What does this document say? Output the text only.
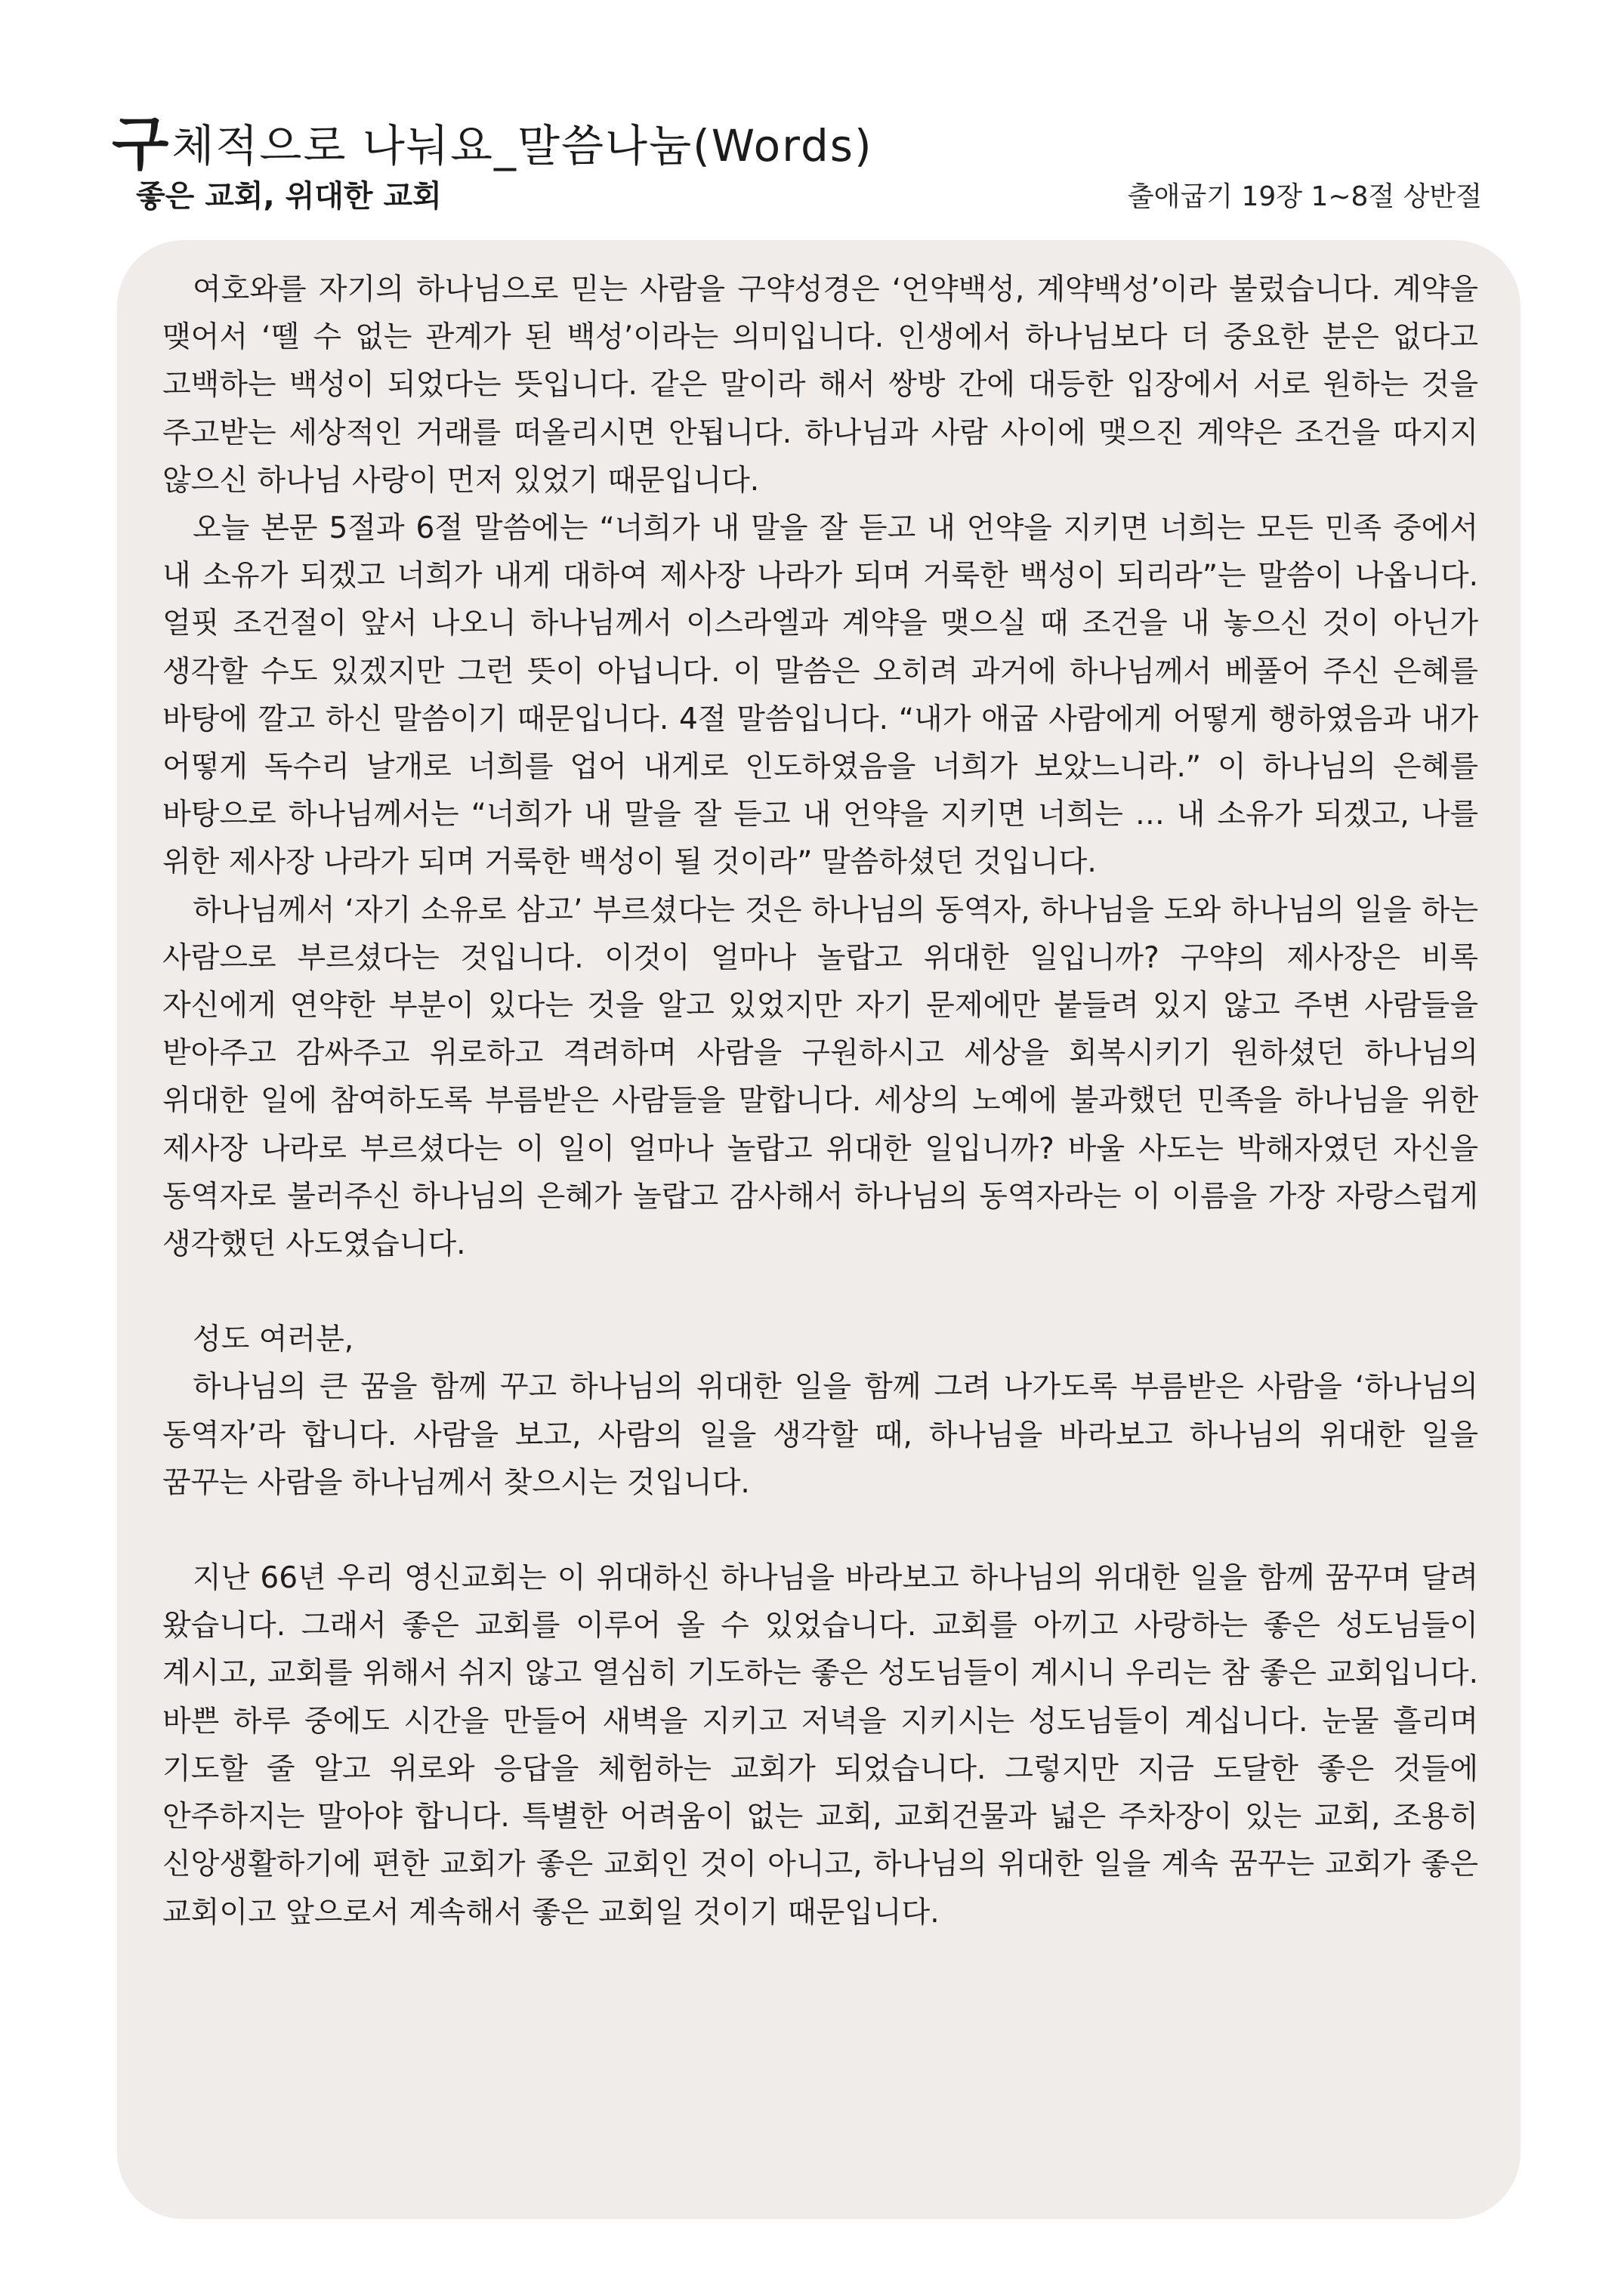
구체적으로 나눠요_말씀나눔(Words)
좋은 교회, 위대한 교회	출애굽기 19장 1~8절 상반절

여호와를 자기의 하나님으로 믿는 사람을 구약성경은 ‘언약백성, 계약백성’이라 불렀습니다. 계약을 맺어서 ‘뗄 수 없는 관계가 된 백성’이라는 의미입니다. 인생에서 하나님보다 더 중요한 분은 없다고 고백하는 백성이 되었다는 뜻입니다. 같은 말이라 해서 쌍방 간에 대등한 입장에서 서로 원하는 것을 주고받는 세상적인 거래를 떠올리시면 안됩니다. 하나님과 사람 사이에 맺으진 계약은 조건을 따지지 않으신 하나님 사랑이 먼저 있었기 때문입니다.

오늘 본문 5절과 6절 말씀에는 “너희가 내 말을 잘 듣고 내 언약을 지키면 너희는 모든 민족 중에서 내 소유가 되겠고 너희가 내게 대하여 제사장 나라가 되며 거룩한 백성이 되리라”는 말씀이 나옵니다. 얼핏 조건절이 앞서 나오니 하나님께서 이스라엘과 계약을 맺으실 때 조건을 내 놓으신 것이 아닌가 생각할 수도 있겠지만 그런 뜻이 아닙니다. 이 말씀은 오히려 과거에 하나님께서 베풀어 주신 은혜를 바탕에 깔고 하신 말씀이기 때문입니다. 4절 말씀입니다. “내가 애굽 사람에게 어떻게 행하였음과 내가 어떻게 독수리 날개로 너희를 업어 내게로 인도하였음을 너희가 보았느니라.” 이 하나님의 은혜를 바탕으로 하나님께서는 “너희가 내 말을 잘 듣고 내 언약을 지키면 너희는 … 내 소유가 되겠고, 나를 위한 제사장 나라가 되며 거룩한 백성이 될 것이라” 말씀하셨던 것입니다.

하나님께서 ‘자기 소유로 삼고’ 부르셨다는 것은 하나님의 동역자, 하나님을 도와 하나님의 일을 하는 사람으로 부르셨다는 것입니다. 이것이 얼마나 놀랍고 위대한 일입니까? 구약의 제사장은 비록 자신에게 연약한 부분이 있다는 것을 알고 있었지만 자기 문제에만 붙들려 있지 않고 주변 사람들을 받아주고 감싸주고 위로하고 격려하며 사람을 구원하시고 세상을 회복시키기 원하셨던 하나님의 위대한 일에 참여하도록 부름받은 사람들을 말합니다. 세상의 노예에 불과했던 민족을 하나님을 위한 제사장 나라로 부르셨다는 이 일이 얼마나 놀랍고 위대한 일입니까? 바울 사도는 박해자였던 자신을 동역자로 불러주신 하나님의 은혜가 놀랍고 감사해서 하나님의 동역자라는 이 이름을 가장 자랑스럽게 생각했던 사도였습니다.

성도 여러분,

하나님의 큰 꿈을 함께 꾸고 하나님의 위대한 일을 함께 그려 나가도록 부름받은 사람을 ‘하나님의 동역자’라 합니다. 사람을 보고, 사람의 일을 생각할 때, 하나님을 바라보고 하나님의 위대한 일을 꿈꾸는 사람을 하나님께서 찾으시는 것입니다.

지난 66년 우리 영신교회는 이 위대하신 하나님을 바라보고 하나님의 위대한 일을 함께 꿈꾸며 달려 왔습니다. 그래서 좋은 교회를 이루어 올 수 있었습니다. 교회를 아끼고 사랑하는 좋은 성도님들이 계시고, 교회를 위해서 쉬지 않고 열심히 기도하는 좋은 성도님들이 계시니 우리는 참 좋은 교회입니다. 바쁜 하루 중에도 시간을 만들어 새벽을 지키고 저녁을 지키시는 성도님들이 계십니다. 눈물 흘리며 기도할 줄 알고 위로와 응답을 체험하는 교회가 되었습니다. 그렇지만 지금 도달한 좋은 것들에 안주하지는 말아야 합니다. 특별한 어려움이 없는 교회, 교회건물과 넓은 주차장이 있는 교회, 조용히 신앙생활하기에 편한 교회가 좋은 교회인 것이 아니고, 하나님의 위대한 일을 계속 꿈꾸는 교회가 좋은 교회이고 앞으로서 계속해서 좋은 교회일 것이기 때문입니다.
